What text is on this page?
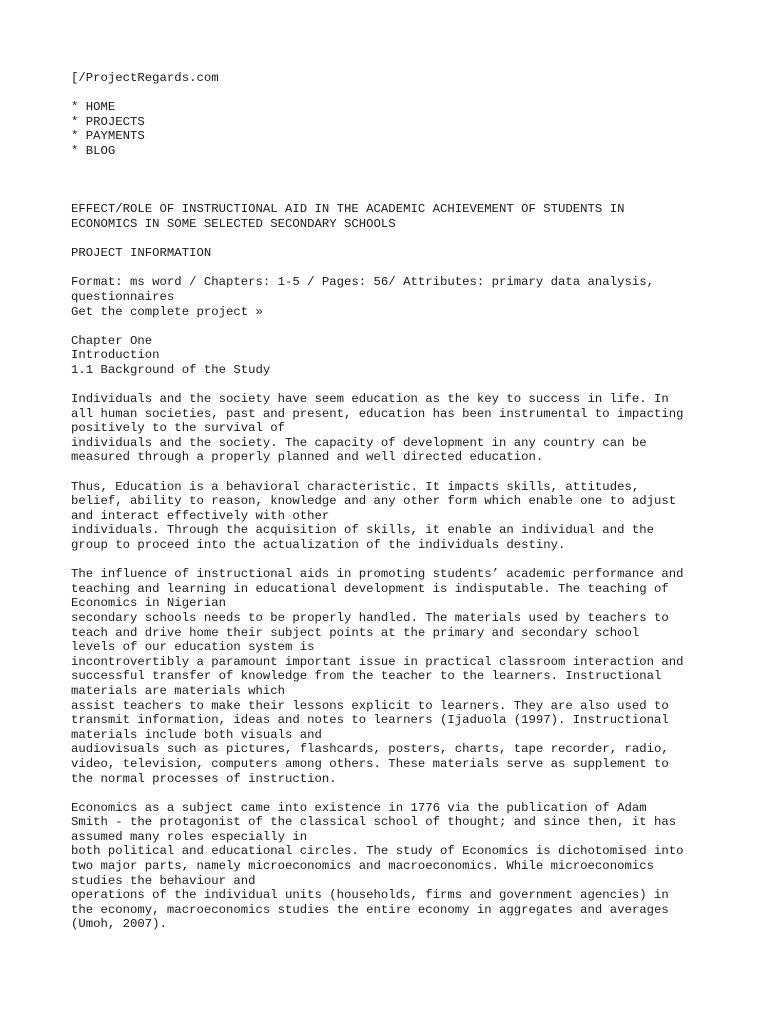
[/ProjectRegards.com
* HOME
* PROJECTS
* PAYMENTS
* BLOG
EFFECT/ROLE OF INSTRUCTIONAL AID IN THE ACADEMIC ACHIEVEMENT OF STUDENTS IN
ECONOMICS IN SOME SELECTED SECONDARY SCHOOLS
PROJECT INFORMATION
Format: ms word / Chapters: 1-5 / Pages: 56/ Attributes: primary data analysis,
questionnaires
Get the complete project »
Chapter One
Introduction
1.1 Background of the Study
Individuals and the society have seem education as the key to success in life. In
all human societies, past and present, education has been instrumental to impacting
positively to the survival of
individuals and the society. The capacity of development in any country can be
measured through a properly planned and well directed education.
Thus, Education is a behavioral characteristic. It impacts skills, attitudes,
belief, ability to reason, knowledge and any other form which enable one to adjust
and interact effectively with other
individuals. Through the acquisition of skills, it enable an individual and the
group to proceed into the actualization of the individuals destiny.
The influence of instructional aids in promoting students’ academic performance and
teaching and learning in educational development is indisputable. The teaching of
Economics in Nigerian
secondary schools needs to be properly handled. The materials used by teachers to
teach and drive home their subject points at the primary and secondary school
levels of our education system is
incontrovertibly a paramount important issue in practical classroom interaction and
successful transfer of knowledge from the teacher to the learners. Instructional
materials are materials which
assist teachers to make their lessons explicit to learners. They are also used to
transmit information, ideas and notes to learners (Ijaduola (1997). Instructional
materials include both visuals and
audiovisuals such as pictures, flashcards, posters, charts, tape recorder, radio,
video, television, computers among others. These materials serve as supplement to
the normal processes of instruction.
Economics as a subject came into existence in 1776 via the publication of Adam
Smith - the protagonist of the classical school of thought; and since then, it has
assumed many roles especially in
both political and educational circles. The study of Economics is dichotomised into
two major parts, namely microeconomics and macroeconomics. While microeconomics
studies the behaviour and
operations of the individual units (households, firms and government agencies) in
the economy, macroeconomics studies the entire economy in aggregates and averages
(Umoh, 2007).
